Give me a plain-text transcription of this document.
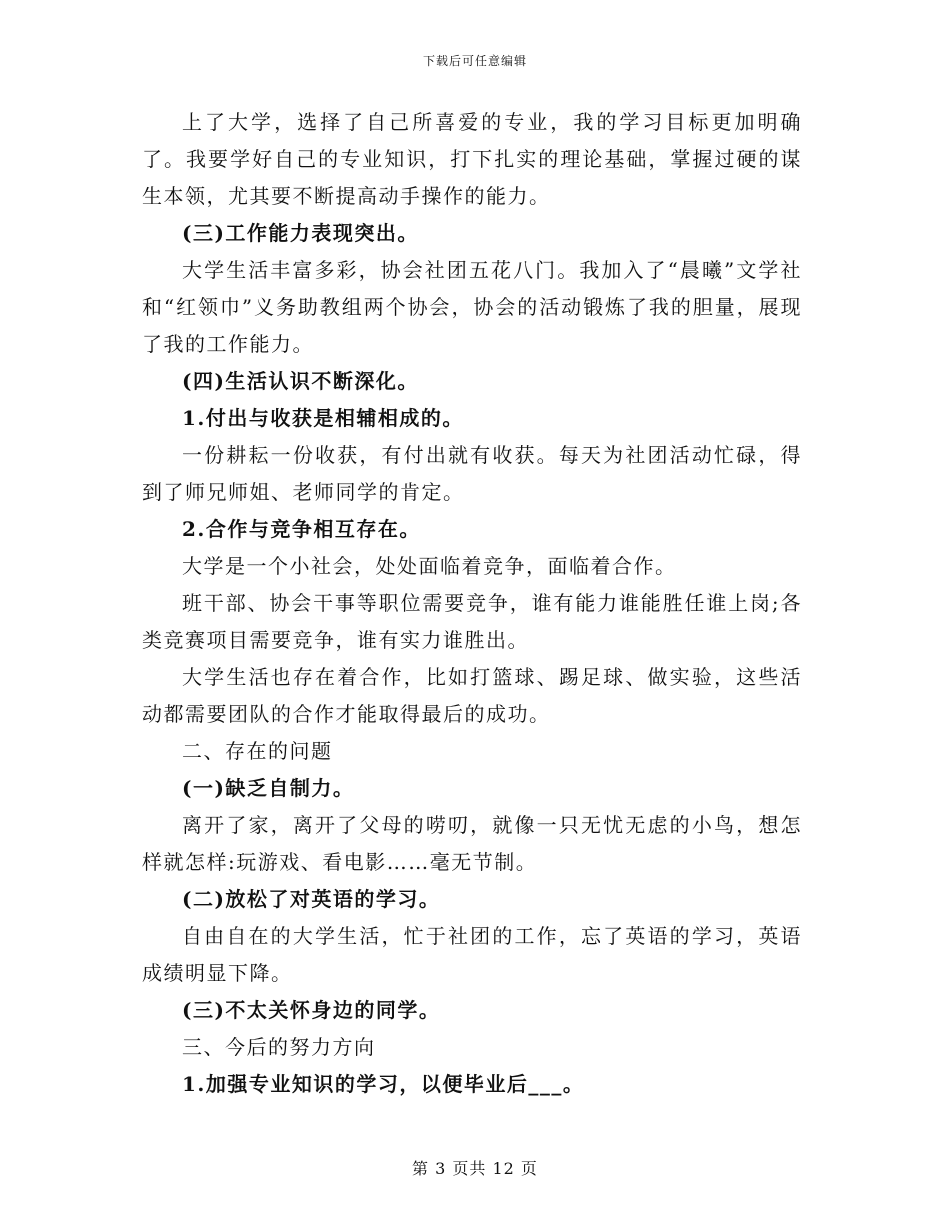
下载后可任意编辑

上了大学，选择了自己所喜爱的专业，我的学习目标更加明确了。我要学好自己的专业知识，打下扎实的理论基础，掌握过硬的谋生本领，尤其要不断提高动手操作的能力。

(三)工作能力表现突出。

大学生活丰富多彩，协会社团五花八门。我加入了“晨曦”文学社和“红领巾”义务助教组两个协会，协会的活动锻炼了我的胆量，展现了我的工作能力。

(四)生活认识不断深化。

1.付出与收获是相辅相成的。

一份耕耘一份收获，有付出就有收获。每天为社团活动忙碌，得到了师兄师姐、老师同学的肯定。

2.合作与竞争相互存在。

大学是一个小社会，处处面临着竞争，面临着合作。

班干部、协会干事等职位需要竞争，谁有能力谁能胜任谁上岗;各类竞赛项目需要竞争，谁有实力谁胜出。

大学生活也存在着合作，比如打篮球、踢足球、做实验，这些活动都需要团队的合作才能取得最后的成功。

二、存在的问题

(一)缺乏自制力。

离开了家，离开了父母的唠叨，就像一只无忧无虑的小鸟，想怎样就怎样:玩游戏、看电影……毫无节制。

(二)放松了对英语的学习。

自由自在的大学生活，忙于社团的工作，忘了英语的学习，英语成绩明显下降。

(三)不太关怀身边的同学。

三、今后的努力方向

1.加强专业知识的学习，以便毕业后___。

第 3 页共 12 页
